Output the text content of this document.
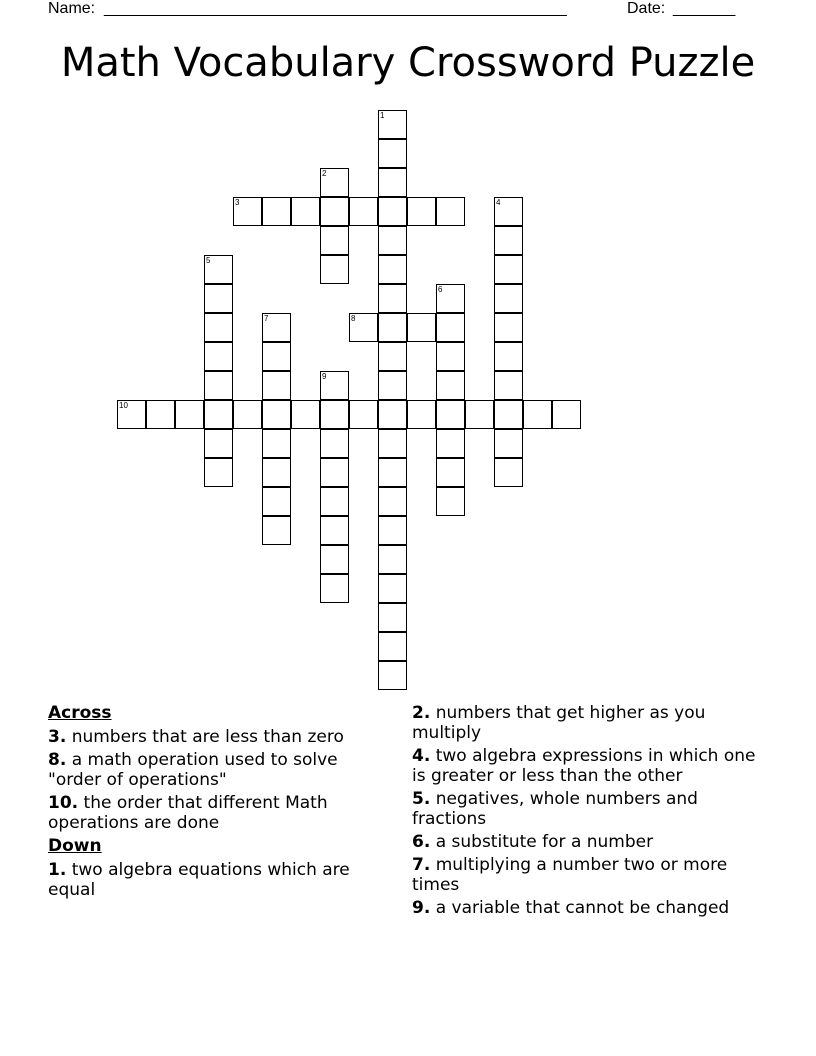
Name: ____________________________________________________	Date: _______
Math Vocabulary Crossword Puzzle
1
2
3	4
5
6
7	8
9
10
Across
3. numbers that are less than zero
8. a math operation used to solve "order of operations"
10. the order that different Math operations are done
Down
1. two algebra equations which are equal
2. numbers that get higher as you multiply
4. two algebra expressions in which one is greater or less than the other
5. negatives, whole numbers and fractions
6. a substitute for a number
7. multiplying a number two or more times
9. a variable that cannot be changed
